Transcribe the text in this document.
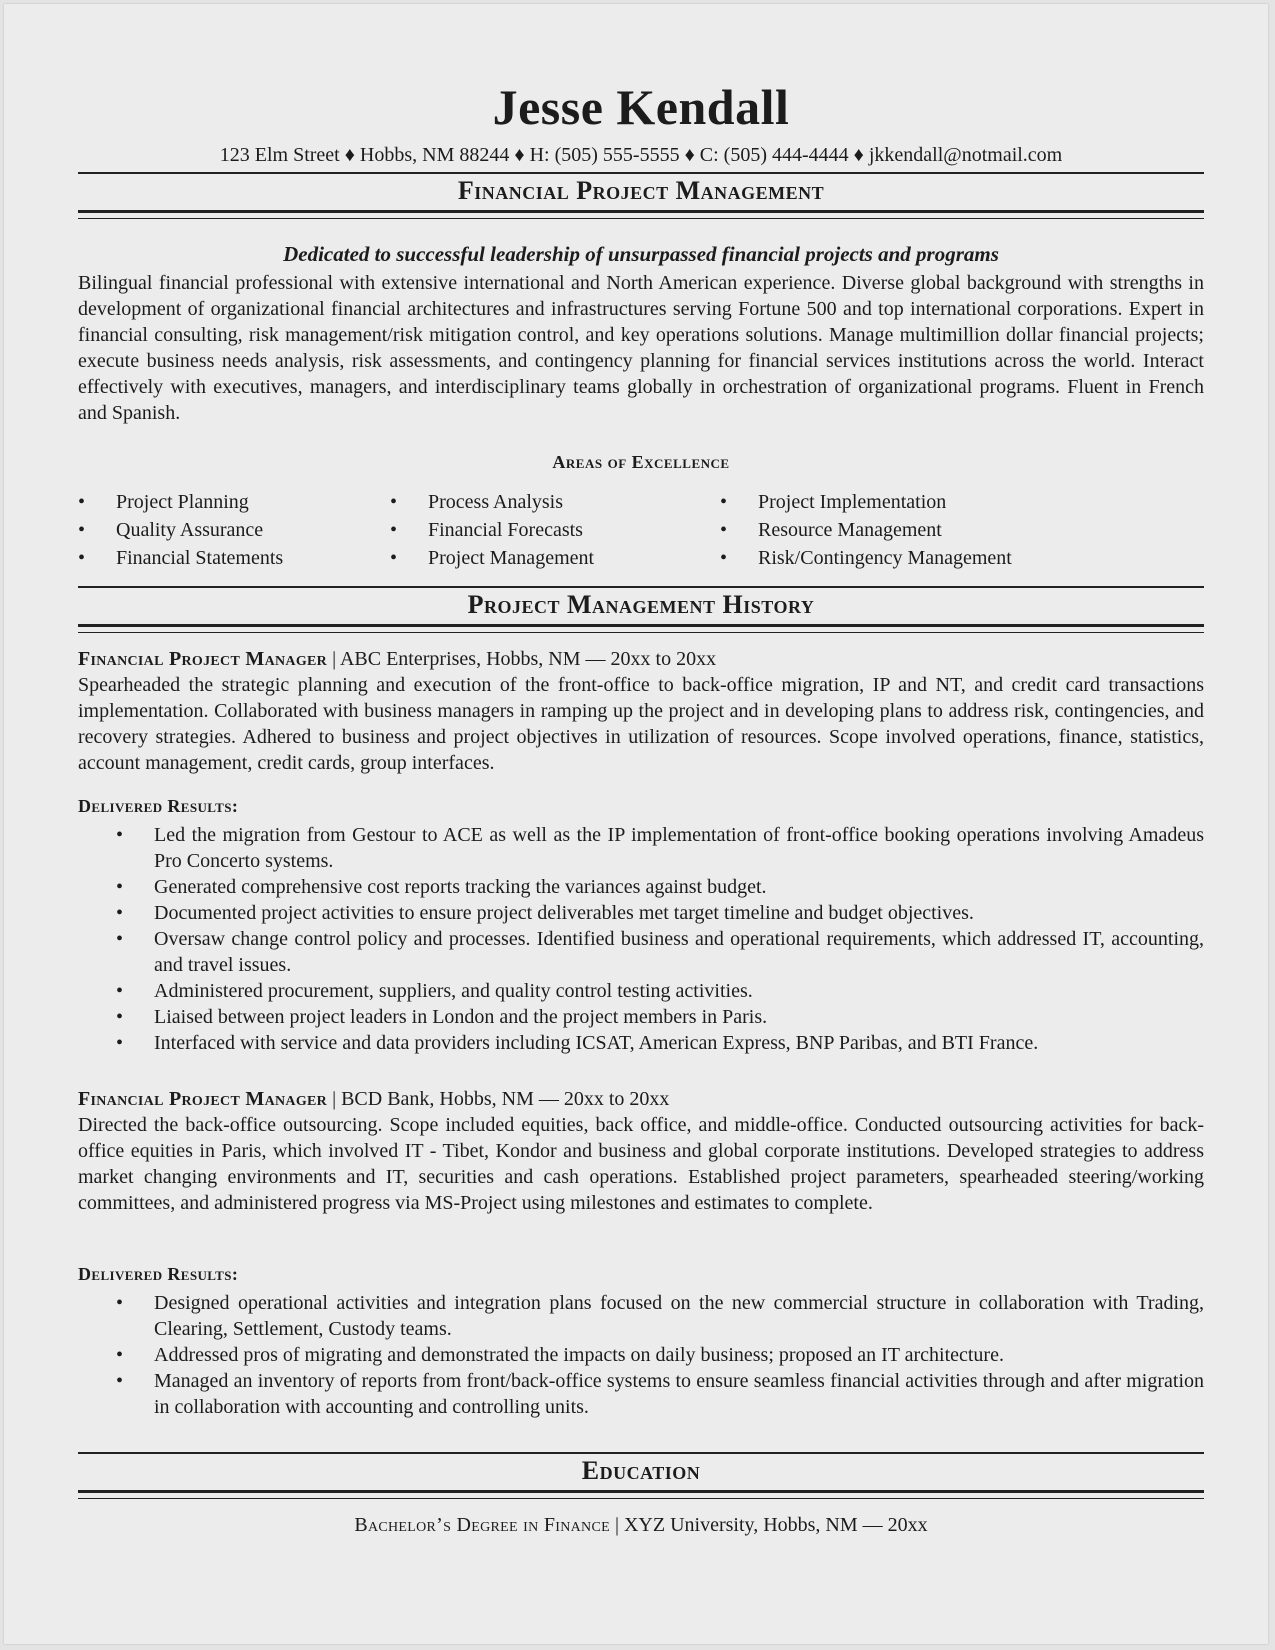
Jesse Kendall
123 Elm Street ♦ Hobbs, NM 88244 ♦ H: (505) 555-5555 ♦ C: (505) 444-4444 ♦ jkkendall@notmail.com
Financial Project Management
Dedicated to successful leadership of unsurpassed financial projects and programs
Bilingual financial professional with extensive international and North American experience. Diverse global background with strengths in development of organizational financial architectures and infrastructures serving Fortune 500 and top international corporations. Expert in financial consulting, risk management/risk mitigation control, and key operations solutions. Manage multimillion dollar financial projects; execute business needs analysis, risk assessments, and contingency planning for financial services institutions across the world. Interact effectively with executives, managers, and interdisciplinary teams globally in orchestration of organizational programs. Fluent in French and Spanish.
Areas of Excellence
• Project Planning
• Quality Assurance
• Financial Statements
• Process Analysis
• Financial Forecasts
• Project Management
• Project Implementation
• Resource Management
• Risk/Contingency Management
Project Management History
Financial Project Manager | ABC Enterprises, Hobbs, NM — 20xx to 20xx
Spearheaded the strategic planning and execution of the front-office to back-office migration, IP and NT, and credit card transactions implementation. Collaborated with business managers in ramping up the project and in developing plans to address risk, contingencies, and recovery strategies. Adhered to business and project objectives in utilization of resources. Scope involved operations, finance, statistics, account management, credit cards, group interfaces.
Delivered Results:
• Led the migration from Gestour to ACE as well as the IP implementation of front-office booking operations involving Amadeus Pro Concerto systems.
• Generated comprehensive cost reports tracking the variances against budget.
• Documented project activities to ensure project deliverables met target timeline and budget objectives.
• Oversaw change control policy and processes. Identified business and operational requirements, which addressed IT, accounting, and travel issues.
• Administered procurement, suppliers, and quality control testing activities.
• Liaised between project leaders in London and the project members in Paris.
• Interfaced with service and data providers including ICSAT, American Express, BNP Paribas, and BTI France.
Financial Project Manager | BCD Bank, Hobbs, NM — 20xx to 20xx
Directed the back-office outsourcing. Scope included equities, back office, and middle-office. Conducted outsourcing activities for back-office equities in Paris, which involved IT - Tibet, Kondor and business and global corporate institutions. Developed strategies to address market changing environments and IT, securities and cash operations. Established project parameters, spearheaded steering/working committees, and administered progress via MS-Project using milestones and estimates to complete.
Delivered Results:
• Designed operational activities and integration plans focused on the new commercial structure in collaboration with Trading, Clearing, Settlement, Custody teams.
• Addressed pros of migrating and demonstrated the impacts on daily business; proposed an IT architecture.
• Managed an inventory of reports from front/back-office systems to ensure seamless financial activities through and after migration in collaboration with accounting and controlling units.
Education
Bachelor’s Degree in Finance | XYZ University, Hobbs, NM — 20xx
